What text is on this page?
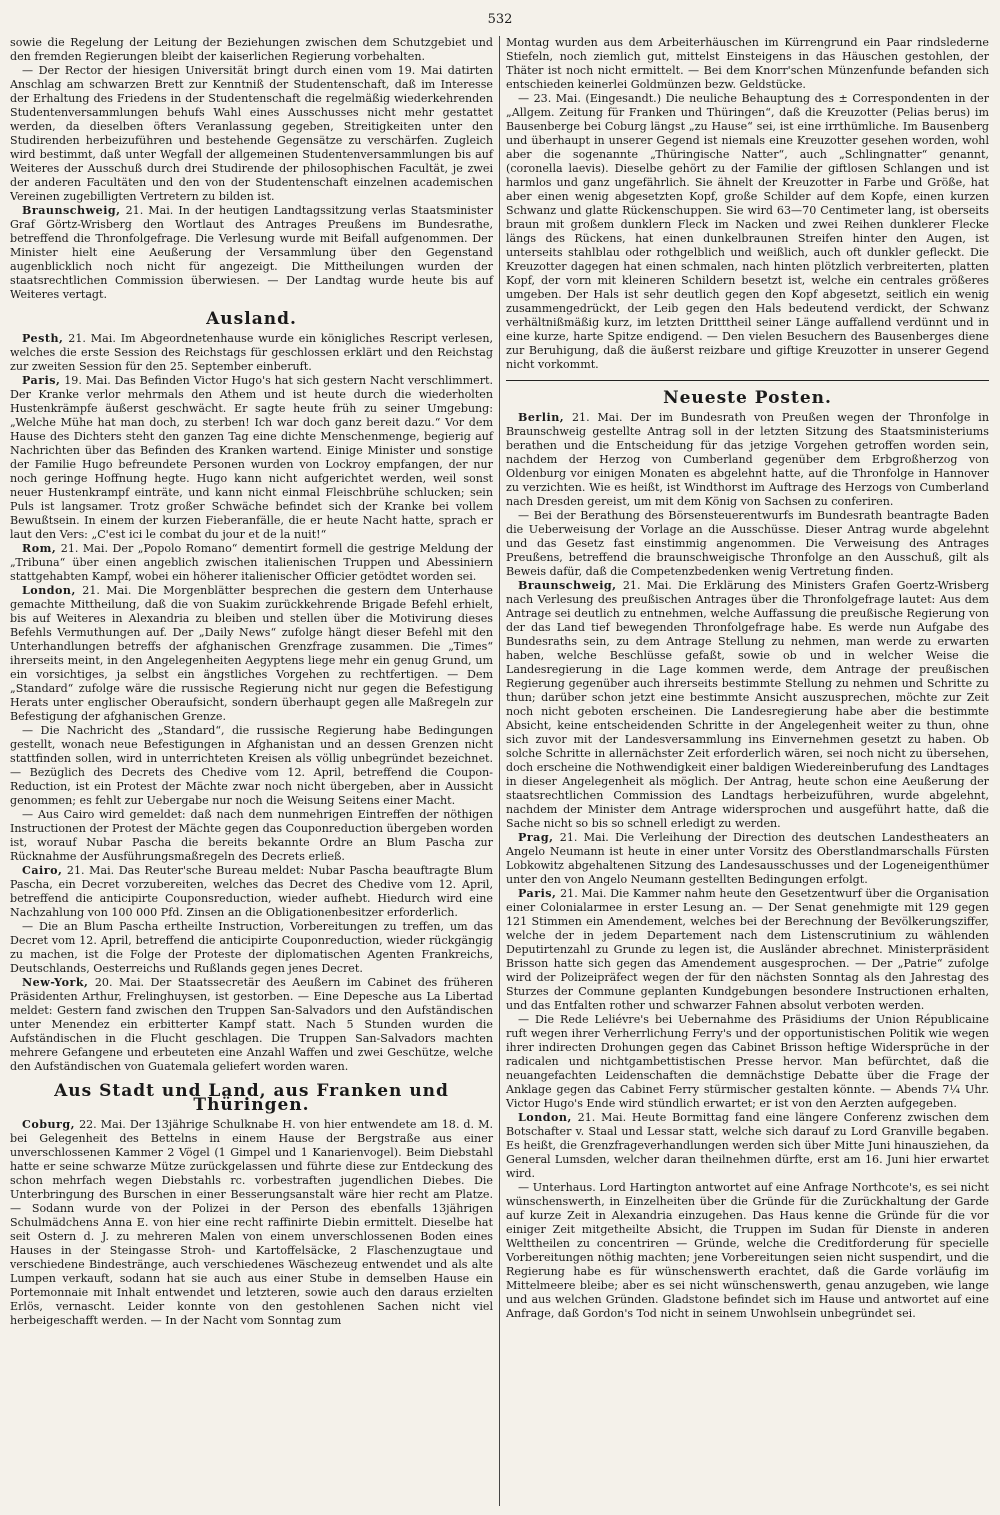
532

sowie die Regelung der Leitung der Beziehungen zwischen dem Schutzgebiet und den fremden Regierungen bleibt der kaiserlichen Regierung vorbehalten.

— Der Rector der hiesigen Universität bringt durch einen vom 19. Mai datirten Anschlag am schwarzen Brett zur Kenntniß der Studentenschaft, daß im Interesse der Erhaltung des Friedens in der Studentenschaft die regelmäßig wiederkehrenden Studentenversammlungen behufs Wahl eines Ausschusses nicht mehr gestattet werden, da dieselben öfters Veranlassung gegeben, Streitigkeiten unter den Studirenden herbeizuführen und bestehende Gegensätze zu verschärfen. Zugleich wird bestimmt, daß unter Wegfall der allgemeinen Studentenversammlungen bis auf Weiteres der Ausschuß durch drei Studirende der philosophischen Facultät, je zwei der anderen Facultäten und den von der Studentenschaft einzelnen academischen Vereinen zugebilligten Vertretern zu bilden ist.

Braunschweig, 21. Mai. In der heutigen Landtagssitzung verlas Staatsminister Graf Görtz-Wrisberg den Wortlaut des Antrages Preußens im Bundesrathe, betreffend die Thronfolgefrage. Die Verlesung wurde mit Beifall aufgenommen. Der Minister hielt eine Aeußerung der Versammlung über den Gegenstand augenblicklich noch nicht für angezeigt. Die Mittheilungen wurden der staatsrechtlichen Commission überwiesen. — Der Landtag wurde heute bis auf Weiteres vertagt.

Ausland.

Pesth, 21. Mai. Im Abgeordnetenhause wurde ein königliches Rescript verlesen, welches die erste Session des Reichstags für geschlossen erklärt und den Reichstag zur zweiten Session für den 25. September einberuft.

Paris, 19. Mai. Das Befinden Victor Hugo's hat sich gestern Nacht verschlimmert. Der Kranke verlor mehrmals den Athem und ist heute durch die wiederholten Hustenkrämpfe äußerst geschwächt. Er sagte heute früh zu seiner Umgebung: „Welche Mühe hat man doch, zu sterben! Ich war doch ganz bereit dazu.“ Vor dem Hause des Dichters steht den ganzen Tag eine dichte Menschenmenge, begierig auf Nachrichten über das Befinden des Kranken wartend. Einige Minister und sonstige der Familie Hugo befreundete Personen wurden von Lockroy empfangen, der nur noch geringe Hoffnung hegte. Hugo kann nicht aufgerichtet werden, weil sonst neuer Hustenkrampf einträte, und kann nicht einmal Fleischbrühe schlucken; sein Puls ist langsamer. Trotz großer Schwäche befindet sich der Kranke bei vollem Bewußtsein. In einem der kurzen Fieberanfälle, die er heute Nacht hatte, sprach er laut den Vers: „C'est ici le combat du jour et de la nuit!“

Rom, 21. Mai. Der „Popolo Romano“ dementirt formell die gestrige Meldung der „Tribuna“ über einen angeblich zwischen italienischen Truppen und Abessiniern stattgehabten Kampf, wobei ein höherer italienischer Officier getödtet worden sei.

London, 21. Mai. Die Morgenblätter besprechen die gestern dem Unterhause gemachte Mittheilung, daß die von Suakim zurückkehrende Brigade Befehl erhielt, bis auf Weiteres in Alexandria zu bleiben und stellen über die Motivirung dieses Befehls Vermuthungen auf. Der „Daily News“ zufolge hängt dieser Befehl mit den Unterhandlungen betreffs der afghanischen Grenzfrage zusammen. Die „Times“ ihrerseits meint, in den Angelegenheiten Aegyptens liege mehr ein genug Grund, um ein vorsichtiges, ja selbst ein ängstliches Vorgehen zu rechtfertigen. — Dem „Standard“ zufolge wäre die russische Regierung nicht nur gegen die Befestigung Herats unter englischer Oberaufsicht, sondern überhaupt gegen alle Maßregeln zur Befestigung der afghanischen Grenze.

— Die Nachricht des „Standard“, die russische Regierung habe Bedingungen gestellt, wonach neue Befestigungen in Afghanistan und an dessen Grenzen nicht stattfinden sollen, wird in unterrichteten Kreisen als völlig unbegründet bezeichnet. — Bezüglich des Decrets des Chedive vom 12. April, betreffend die Coupon-Reduction, ist ein Protest der Mächte zwar noch nicht übergeben, aber in Aussicht genommen; es fehlt zur Uebergabe nur noch die Weisung Seitens einer Macht.

— Aus Cairo wird gemeldet: daß nach dem nunmehrigen Eintreffen der nöthigen Instructionen der Protest der Mächte gegen das Couponreduction übergeben worden ist, worauf Nubar Pascha die bereits bekannte Ordre an Blum Pascha zur Rücknahme der Ausführungsmaßregeln des Decrets erließ.

Cairo, 21. Mai. Das Reuter'sche Bureau meldet: Nubar Pascha beauftragte Blum Pascha, ein Decret vorzubereiten, welches das Decret des Chedive vom 12. April, betreffend die anticipirte Couponsreduction, wieder aufhebt. Hiedurch wird eine Nachzahlung von 100 000 Pfd. Zinsen an die Obligationenbesitzer erforderlich.

— Die an Blum Pascha ertheilte Instruction, Vorbereitungen zu treffen, um das Decret vom 12. April, betreffend die anticipirte Couponreduction, wieder rückgängig zu machen, ist die Folge der Proteste der diplomatischen Agenten Frankreichs, Deutschlands, Oesterreichs und Rußlands gegen jenes Decret.

New-York, 20. Mai. Der Staatssecretär des Aeußern im Cabinet des früheren Präsidenten Arthur, Frelinghuysen, ist gestorben. — Eine Depesche aus La Libertad meldet: Gestern fand zwischen den Truppen San-Salvadors und den Aufständischen unter Menendez ein erbitterter Kampf statt. Nach 5 Stunden wurden die Aufständischen in die Flucht geschlagen. Die Truppen San-Salvadors machten mehrere Gefangene und erbeuteten eine Anzahl Waffen und zwei Geschütze, welche den Aufständischen von Guatemala geliefert worden waren.

Aus Stadt und Land, aus Franken und Thüringen.

Coburg, 22. Mai. Der 13jährige Schulknabe H. von hier entwendete am 18. d. M. bei Gelegenheit des Bettelns in einem Hause der Bergstraße aus einer unverschlossenen Kammer 2 Vögel (1 Gimpel und 1 Kanarienvogel). Beim Diebstahl hatte er seine schwarze Mütze zurückgelassen und führte diese zur Entdeckung des schon mehrfach wegen Diebstahls rc. vorbestraften jugendlichen Diebes. Die Unterbringung des Burschen in einer Besserungsanstalt wäre hier recht am Platze. — Sodann wurde von der Polizei in der Person des ebenfalls 13jährigen Schulmädchens Anna E. von hier eine recht raffinirte Diebin ermittelt. Dieselbe hat seit Ostern d. J. zu mehreren Malen von einem unverschlossenen Boden eines Hauses in der Steingasse Stroh- und Kartoffelsäcke, 2 Flaschenzugtaue und verschiedene Bindestränge, auch verschiedenes Wäschezeug entwendet und als alte Lumpen verkauft, sodann hat sie auch aus einer Stube in demselben Hause ein Portemonnaie mit Inhalt entwendet und letzteren, sowie auch den daraus erzielten Erlös, vernascht. Leider konnte von den gestohlenen Sachen nicht viel herbeigeschafft werden. — In der Nacht vom Sonntag zum

Montag wurden aus dem Arbeiterhäuschen im Kürrengrund ein Paar rindslederne Stiefeln, noch ziemlich gut, mittelst Einsteigens in das Häuschen gestohlen, der Thäter ist noch nicht ermittelt. — Bei dem Knorr'schen Münzenfunde befanden sich entschieden keinerlei Goldmünzen bezw. Geldstücke.

— 23. Mai. (Eingesandt.) Die neuliche Behauptung des ± Correspondenten in der „Allgem. Zeitung für Franken und Thüringen“, daß die Kreuzotter (Pelias berus) im Bausenberge bei Coburg längst „zu Hause“ sei, ist eine irrthümliche. Im Bausenberg und überhaupt in unserer Gegend ist niemals eine Kreuzotter gesehen worden, wohl aber die sogenannte „Thüringische Natter“, auch „Schlingnatter“ genannt, (coronella laevis). Dieselbe gehört zu der Familie der giftlosen Schlangen und ist harmlos und ganz ungefährlich. Sie ähnelt der Kreuzotter in Farbe und Größe, hat aber einen wenig abgesetzten Kopf, große Schilder auf dem Kopfe, einen kurzen Schwanz und glatte Rückenschuppen. Sie wird 63—70 Centimeter lang, ist oberseits braun mit großem dunklern Fleck im Nacken und zwei Reihen dunklerer Flecke längs des Rückens, hat einen dunkelbraunen Streifen hinter den Augen, ist unterseits stahlblau oder rothgelblich und weißlich, auch oft dunkler gefleckt. Die Kreuzotter dagegen hat einen schmalen, nach hinten plötzlich verbreiterten, platten Kopf, der vorn mit kleineren Schildern besetzt ist, welche ein centrales größeres umgeben. Der Hals ist sehr deutlich gegen den Kopf abgesetzt, seitlich ein wenig zusammengedrückt, der Leib gegen den Hals bedeutend verdickt, der Schwanz verhältnißmäßig kurz, im letzten Dritttheil seiner Länge auffallend verdünnt und in eine kurze, harte Spitze endigend. — Den vielen Besuchern des Bausenberges diene zur Beruhigung, daß die äußerst reizbare und giftige Kreuzotter in unserer Gegend nicht vorkommt.

Neueste Posten.

Berlin, 21. Mai. Der im Bundesrath von Preußen wegen der Thronfolge in Braunschweig gestellte Antrag soll in der letzten Sitzung des Staatsministeriums berathen und die Entscheidung für das jetzige Vorgehen getroffen worden sein, nachdem der Herzog von Cumberland gegenüber dem Erbgroßherzog von Oldenburg vor einigen Monaten es abgelehnt hatte, auf die Thronfolge in Hannover zu verzichten. Wie es heißt, ist Windthorst im Auftrage des Herzogs von Cumberland nach Dresden gereist, um mit dem König von Sachsen zu conferiren.

— Bei der Berathung des Börsensteuerentwurfs im Bundesrath beantragte Baden die Ueberweisung der Vorlage an die Ausschüsse. Dieser Antrag wurde abgelehnt und das Gesetz fast einstimmig angenommen. Die Verweisung des Antrages Preußens, betreffend die braunschweigische Thronfolge an den Ausschuß, gilt als Beweis dafür, daß die Competenzbedenken wenig Vertretung finden.

Braunschweig, 21. Mai. Die Erklärung des Ministers Grafen Goertz-Wrisberg nach Verlesung des preußischen Antrages über die Thronfolgefrage lautet: Aus dem Antrage sei deutlich zu entnehmen, welche Auffassung die preußische Regierung von der das Land tief bewegenden Thronfolgefrage habe. Es werde nun Aufgabe des Bundesraths sein, zu dem Antrage Stellung zu nehmen, man werde zu erwarten haben, welche Beschlüsse gefaßt, sowie ob und in welcher Weise die Landesregierung in die Lage kommen werde, dem Antrage der preußischen Regierung gegenüber auch ihrerseits bestimmte Stellung zu nehmen und Schritte zu thun; darüber schon jetzt eine bestimmte Ansicht auszusprechen, möchte zur Zeit noch nicht geboten erscheinen. Die Landesregierung habe aber die bestimmte Absicht, keine entscheidenden Schritte in der Angelegenheit weiter zu thun, ohne sich zuvor mit der Landesversammlung ins Einvernehmen gesetzt zu haben. Ob solche Schritte in allernächster Zeit erforderlich wären, sei noch nicht zu übersehen, doch erscheine die Nothwendigkeit einer baldigen Wiedereinberufung des Landtages in dieser Angelegenheit als möglich. Der Antrag, heute schon eine Aeußerung der staatsrechtlichen Commission des Landtags herbeizuführen, wurde abgelehnt, nachdem der Minister dem Antrage widersprochen und ausgeführt hatte, daß die Sache nicht so bis so schnell erledigt zu werden.

Prag, 21. Mai. Die Verleihung der Direction des deutschen Landestheaters an Angelo Neumann ist heute in einer unter Vorsitz des Oberstlandmarschalls Fürsten Lobkowitz abgehaltenen Sitzung des Landesausschusses und der Logeneigenthümer unter den von Angelo Neumann gestellten Bedingungen erfolgt.

Paris, 21. Mai. Die Kammer nahm heute den Gesetzentwurf über die Organisation einer Colonialarmee in erster Lesung an. — Der Senat genehmigte mit 129 gegen 121 Stimmen ein Amendement, welches bei der Berechnung der Bevölkerungsziffer, welche der in jedem Departement nach dem Listenscrutinium zu wählenden Deputirtenzahl zu Grunde zu legen ist, die Ausländer abrechnet. Ministerpräsident Brisson hatte sich gegen das Amendement ausgesprochen. — Der „Patrie“ zufolge wird der Polizeipräfect wegen der für den nächsten Sonntag als den Jahrestag des Sturzes der Commune geplanten Kundgebungen besondere Instructionen erhalten, und das Entfalten rother und schwarzer Fahnen absolut verboten werden.

— Die Rede Leliévre's bei Uebernahme des Präsidiums der Union Républicaine ruft wegen ihrer Verherrlichung Ferry's und der opportunistischen Politik wie wegen ihrer indirecten Drohungen gegen das Cabinet Brisson heftige Widersprüche in der radicalen und nichtgambettistischen Presse hervor. Man befürchtet, daß die neuangefachten Leidenschaften die demnächstige Debatte über die Frage der Anklage gegen das Cabinet Ferry stürmischer gestalten könnte. — Abends 7¼ Uhr. Victor Hugo's Ende wird stündlich erwartet; er ist von den Aerzten aufgegeben.

London, 21. Mai. Heute Bormittag fand eine längere Conferenz zwischen dem Botschafter v. Staal und Lessar statt, welche sich darauf zu Lord Granville begaben. Es heißt, die Grenzfrageverhandlungen werden sich über Mitte Juni hinausziehen, da General Lumsden, welcher daran theilnehmen dürfte, erst am 16. Juni hier erwartet wird.

— Unterhaus. Lord Hartington antwortet auf eine Anfrage Northcote's, es sei nicht wünschenswerth, in Einzelheiten über die Gründe für die Zurückhaltung der Garde auf kurze Zeit in Alexandria einzugehen. Das Haus kenne die Gründe für die vor einiger Zeit mitgetheilte Absicht, die Truppen im Sudan für Dienste in anderen Welttheilen zu concentriren — Gründe, welche die Creditforderung für specielle Vorbereitungen nöthig machten; jene Vorbereitungen seien nicht suspendirt, und die Regierung habe es für wünschenswerth erachtet, daß die Garde vorläufig im Mittelmeere bleibe; aber es sei nicht wünschenswerth, genau anzugeben, wie lange und aus welchen Gründen. Gladstone befindet sich im Hause und antwortet auf eine Anfrage, daß Gordon's Tod nicht in seinem Unwohlsein unbegründet sei.
